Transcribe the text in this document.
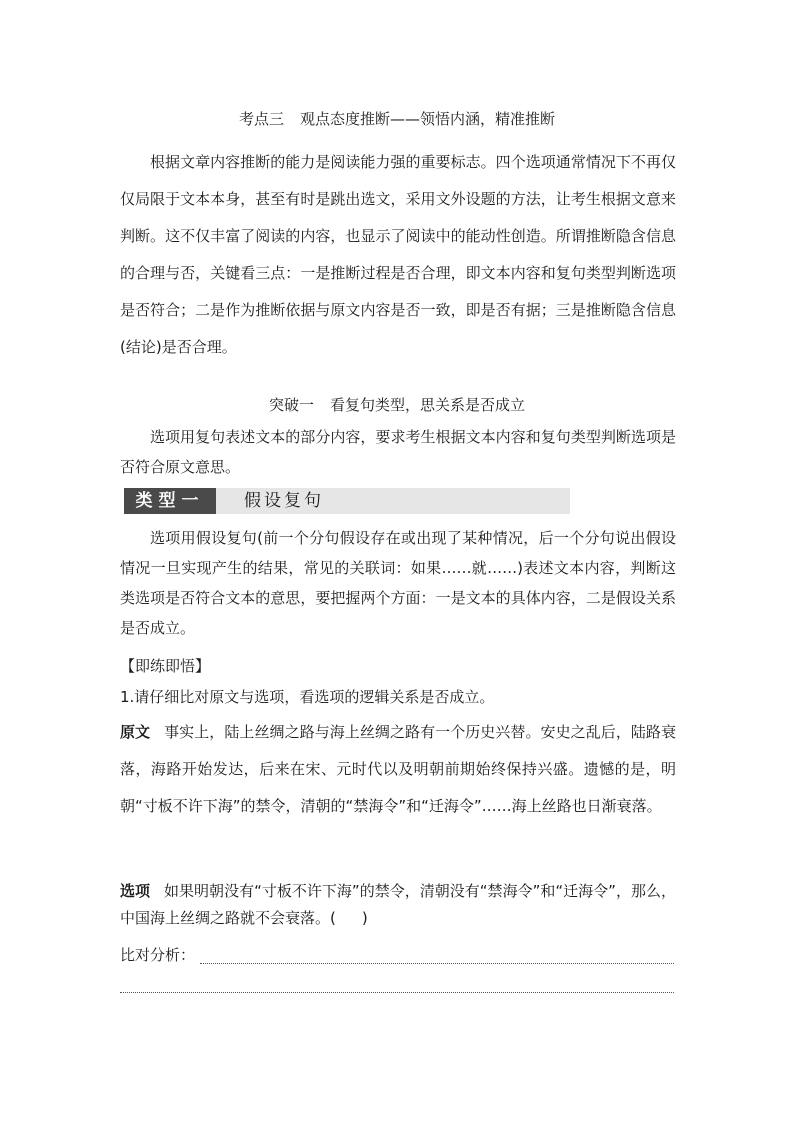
考点三 观点态度推断——领悟内涵，精准推断
根据文章内容推断的能力是阅读能力强的重要标志。四个选项通常情况下不再仅仅局限于文本本身，甚至有时是跳出选文，采用文外设题的方法，让考生根据文意来判断。这不仅丰富了阅读的内容，也显示了阅读中的能动性创造。所谓推断隐含信息的合理与否，关键看三点：一是推断过程是否合理，即文本内容和复句类型判断选项是否符合；二是作为推断依据与原文内容是否一致，即是否有据；三是推断隐含信息(结论)是否合理。
突破一 看复句类型，思关系是否成立
选项用复句表述文本的部分内容，要求考生根据文本内容和复句类型判断选项是否符合原文意思。
类型一	假设复句
选项用假设复句(前一个分句假设存在或出现了某种情况，后一个分句说出假设情况一旦实现产生的结果，常见的关联词：如果……就……)表述文本内容，判断这类选项是否符合文本的意思，要把握两个方面：一是文本的具体内容，二是假设关系是否成立。
【即练即悟】
1.请仔细比对原文与选项，看选项的逻辑关系是否成立。
原文 事实上，陆上丝绸之路与海上丝绸之路有一个历史兴替。安史之乱后，陆路衰落，海路开始发达，后来在宋、元时代以及明朝前期始终保持兴盛。遗憾的是，明朝“寸板不许下海”的禁令，清朝的“禁海令”和“迁海令”……海上丝路也日渐衰落。
选项 如果明朝没有“寸板不许下海”的禁令，清朝没有“禁海令”和“迁海令”，那么，中国海上丝绸之路就不会衰落。( )
比对分析：
